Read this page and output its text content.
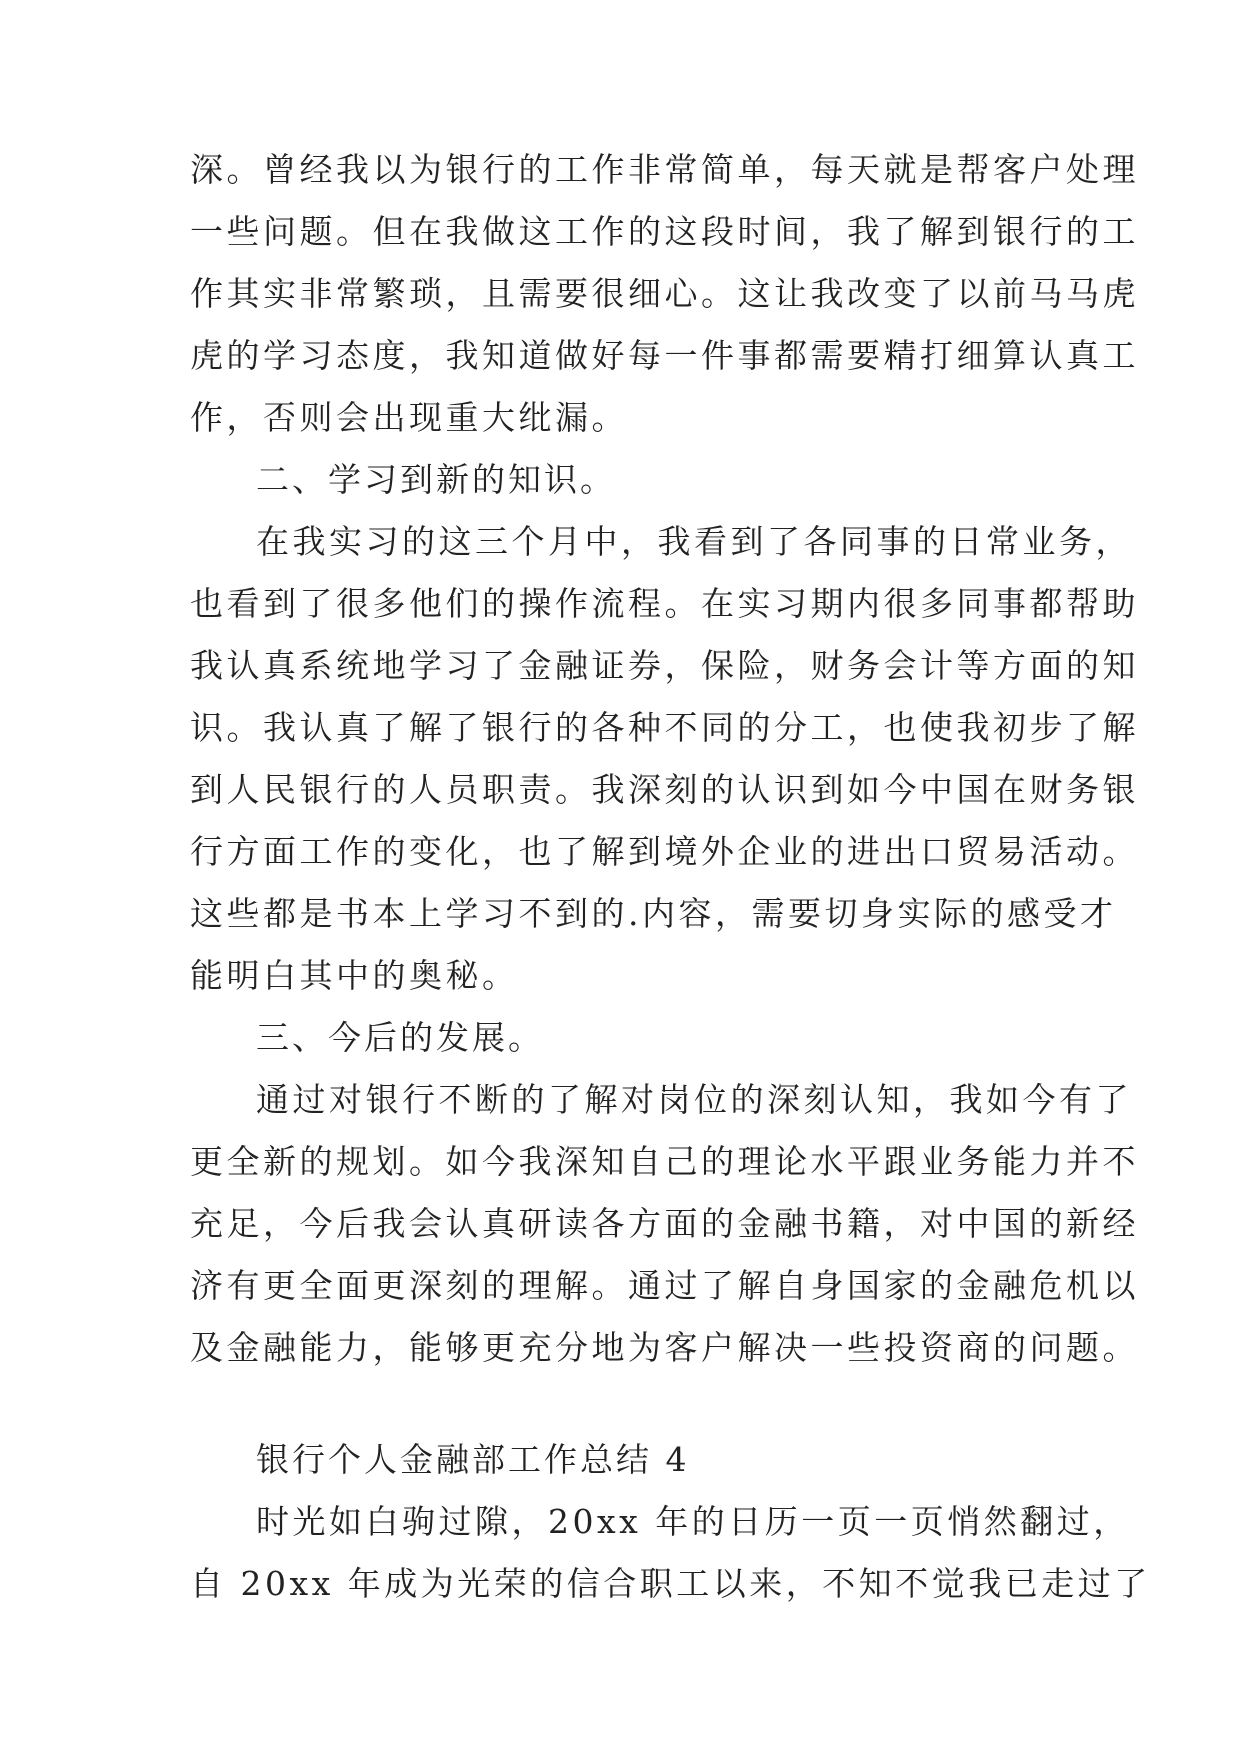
深。曾经我以为银行的工作非常简单，每天就是帮客户处理
一些问题。但在我做这工作的这段时间，我了解到银行的工
作其实非常繁琐，且需要很细心。这让我改变了以前马马虎
虎的学习态度，我知道做好每一件事都需要精打细算认真工
作，否则会出现重大纰漏。
二、学习到新的知识。
在我实习的这三个月中，我看到了各同事的日常业务，
也看到了很多他们的操作流程。在实习期内很多同事都帮助
我认真系统地学习了金融证券，保险，财务会计等方面的知
识。我认真了解了银行的各种不同的分工，也使我初步了解
到人民银行的人员职责。我深刻的认识到如今中国在财务银
行方面工作的变化，也了解到境外企业的进出口贸易活动。
这些都是书本上学习不到的.内容，需要切身实际的感受才
能明白其中的奥秘。
三、今后的发展。
通过对银行不断的了解对岗位的深刻认知，我如今有了
更全新的规划。如今我深知自己的理论水平跟业务能力并不
充足，今后我会认真研读各方面的金融书籍，对中国的新经
济有更全面更深刻的理解。通过了解自身国家的金融危机以
及金融能力，能够更充分地为客户解决一些投资商的问题。
银行个人金融部工作总结 4
时光如白驹过隙，20xx 年的日历一页一页悄然翻过，
自 20xx 年成为光荣的信合职工以来，不知不觉我已走过了
